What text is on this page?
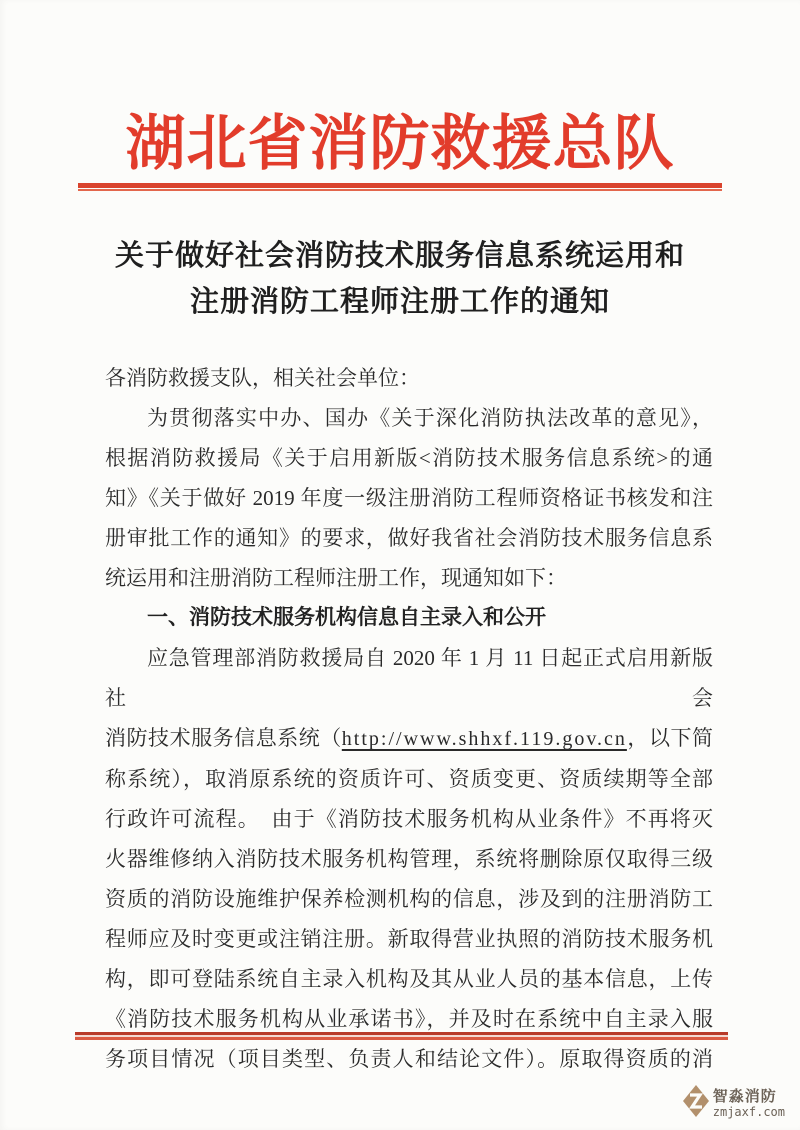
湖北省消防救援总队
关于做好社会消防技术服务信息系统运用和
注册消防工程师注册工作的通知
各消防救援支队，相关社会单位：
为贯彻落实中办、国办《关于深化消防执法改革的意见》，
根据消防救援局《关于启用新版<消防技术服务信息系统>的通
知》《关于做好 2019 年度一级注册消防工程师资格证书核发和注
册审批工作的通知》的要求，做好我省社会消防技术服务信息系
统运用和注册消防工程师注册工作，现通知如下：
一、消防技术服务机构信息自主录入和公开
应急管理部消防救援局自 2020 年 1 月 11 日起正式启用新版社会
消防技术服务信息系统（http://www.shhxf.119.gov.cn，以下简
称系统），取消原系统的资质许可、资质变更、资质续期等全部
行政许可流程。　由于《消防技术服务机构从业条件》不再将灭
火器维修纳入消防技术服务机构管理，系统将删除原仅取得三级
资质的消防设施维护保养检测机构的信息，涉及到的注册消防工
程师应及时变更或注销注册。新取得营业执照的消防技术服务机
构，即可登陆系统自主录入机构及其从业人员的基本信息，上传
《消防技术服务机构从业承诺书》，并及时在系统中自主录入服
务项目情况（项目类型、负责人和结论文件）。原取得资质的消
智淼消防
zmjaxf.com
